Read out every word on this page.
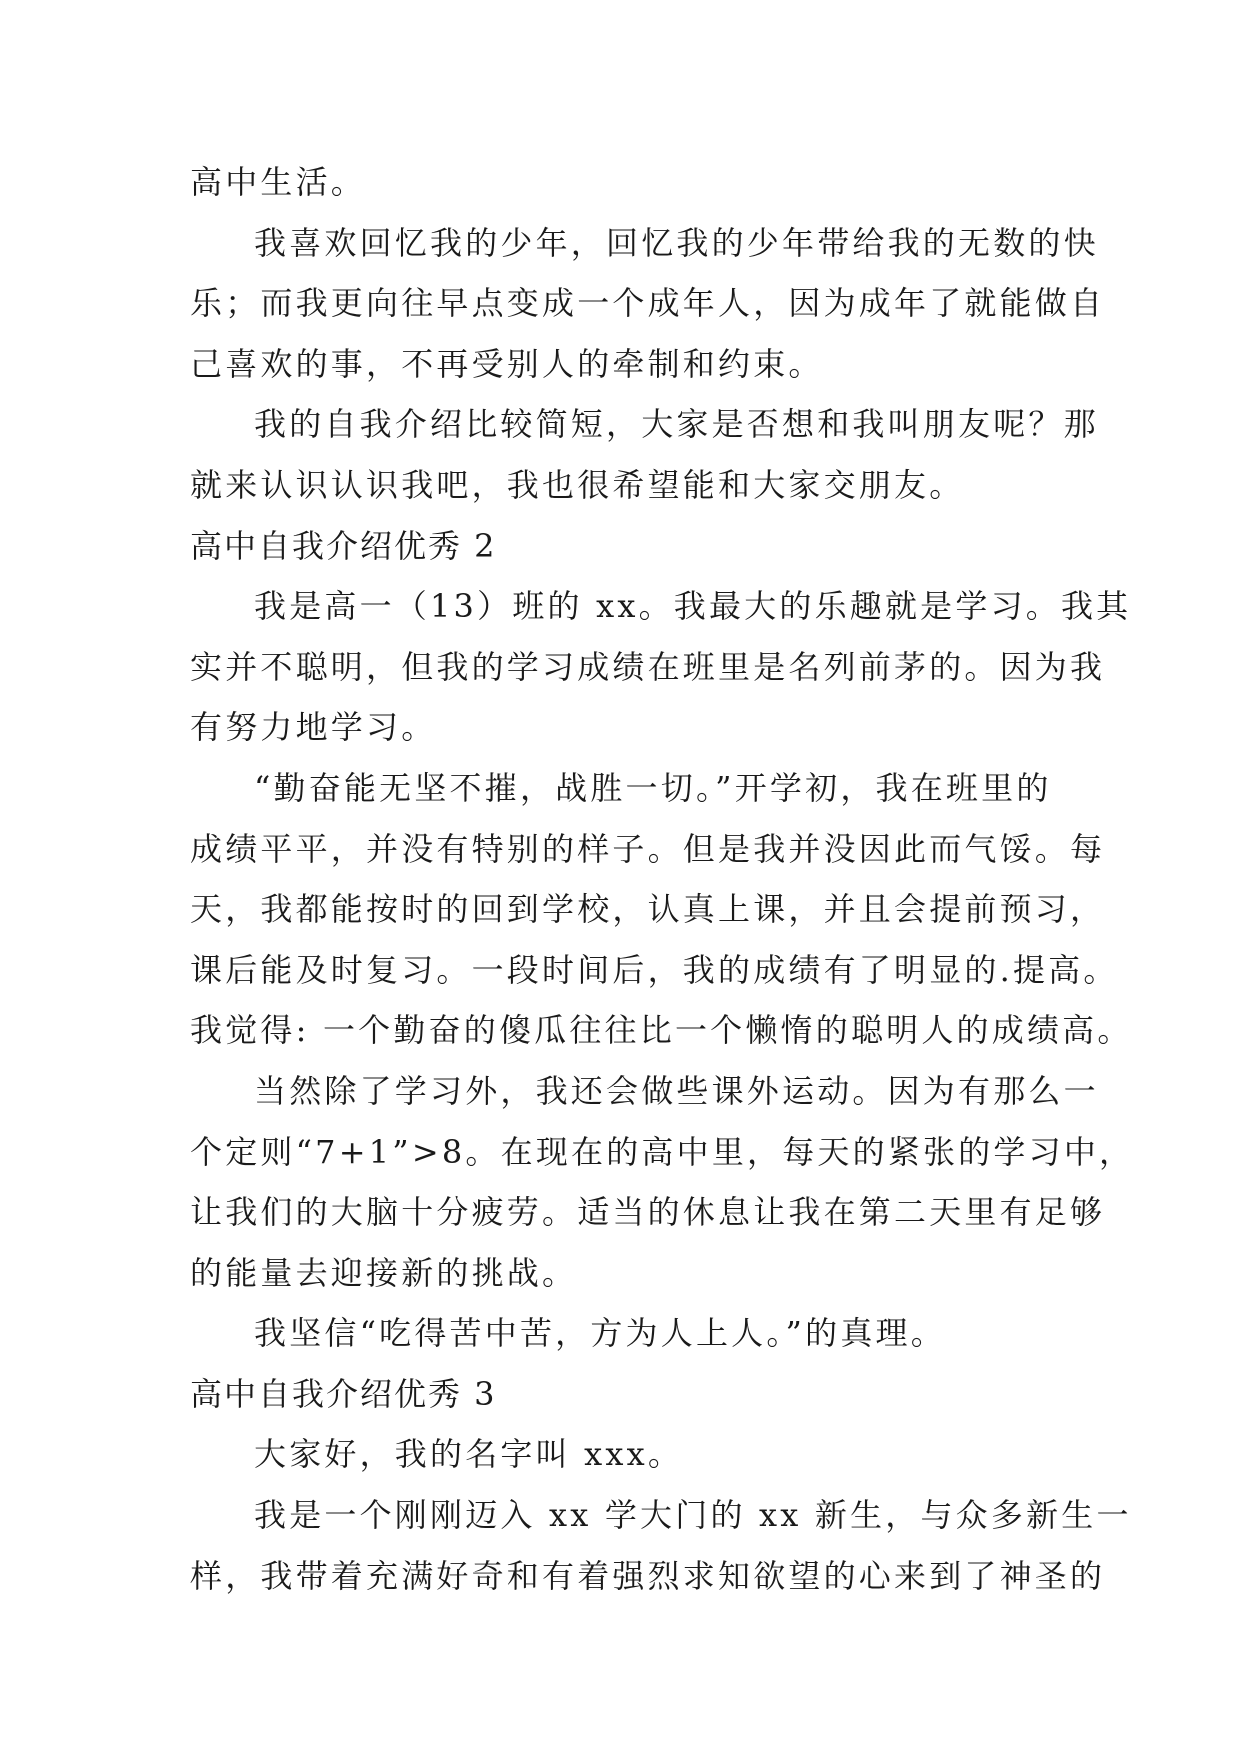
高中生活。
我喜欢回忆我的少年，回忆我的少年带给我的无数的快
乐；而我更向往早点变成一个成年人，因为成年了就能做自
己喜欢的事，不再受别人的牵制和约束。
我的自我介绍比较简短，大家是否想和我叫朋友呢？那
就来认识认识我吧，我也很希望能和大家交朋友。
高中自我介绍优秀 2
我是高一（13）班的 xx。我最大的乐趣就是学习。我其
实并不聪明，但我的学习成绩在班里是名列前茅的。因为我
有努力地学习。
“勤奋能无坚不摧，战胜一切。”开学初，我在班里的
成绩平平，并没有特别的样子。但是我并没因此而气馁。每
天，我都能按时的回到学校，认真上课，并且会提前预习，
课后能及时复习。一段时间后，我的成绩有了明显的.提高。
我觉得: 一个勤奋的傻瓜往往比一个懒惰的聪明人的成绩高。
当然除了学习外，我还会做些课外运动。因为有那么一
个定则“7+1”>8。在现在的高中里，每天的紧张的学习中，
让我们的大脑十分疲劳。适当的休息让我在第二天里有足够
的能量去迎接新的挑战。
我坚信“吃得苦中苦，方为人上人。”的真理。
高中自我介绍优秀 3
大家好，我的名字叫 xxx。
我是一个刚刚迈入 xx 学大门的 xx 新生，与众多新生一
样，我带着充满好奇和有着强烈求知欲望的心来到了神圣的
